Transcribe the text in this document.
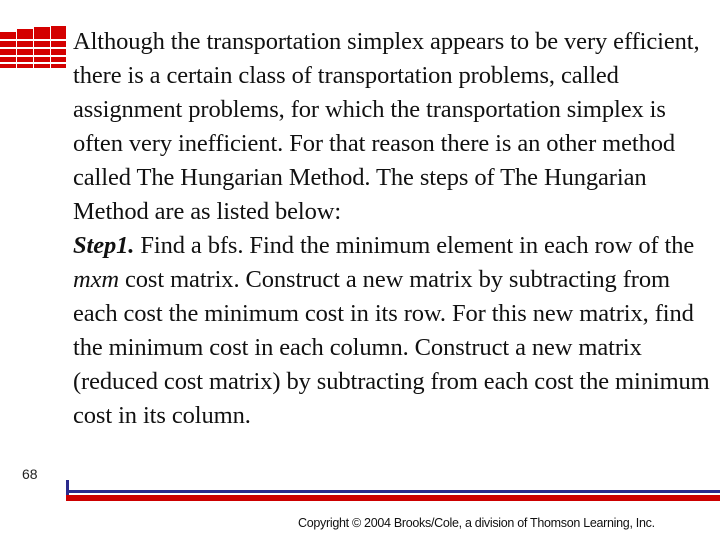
Although the transportation simplex appears to be very efficient, there is a certain class of transportation problems, called assignment problems, for which the transportation simplex is often very inefficient. For that reason there is an other method called The Hungarian Method. The steps of The Hungarian Method are as listed below:

Step1. Find a bfs. Find the minimum element in each row of the mxm cost matrix. Construct a new matrix by subtracting from each cost the minimum cost in its row. For this new matrix, find the minimum cost in each column. Construct a new matrix (reduced cost matrix) by subtracting from each cost the minimum cost in its column.

68
Copyright © 2004 Brooks/Cole, a division of Thomson Learning, Inc.
